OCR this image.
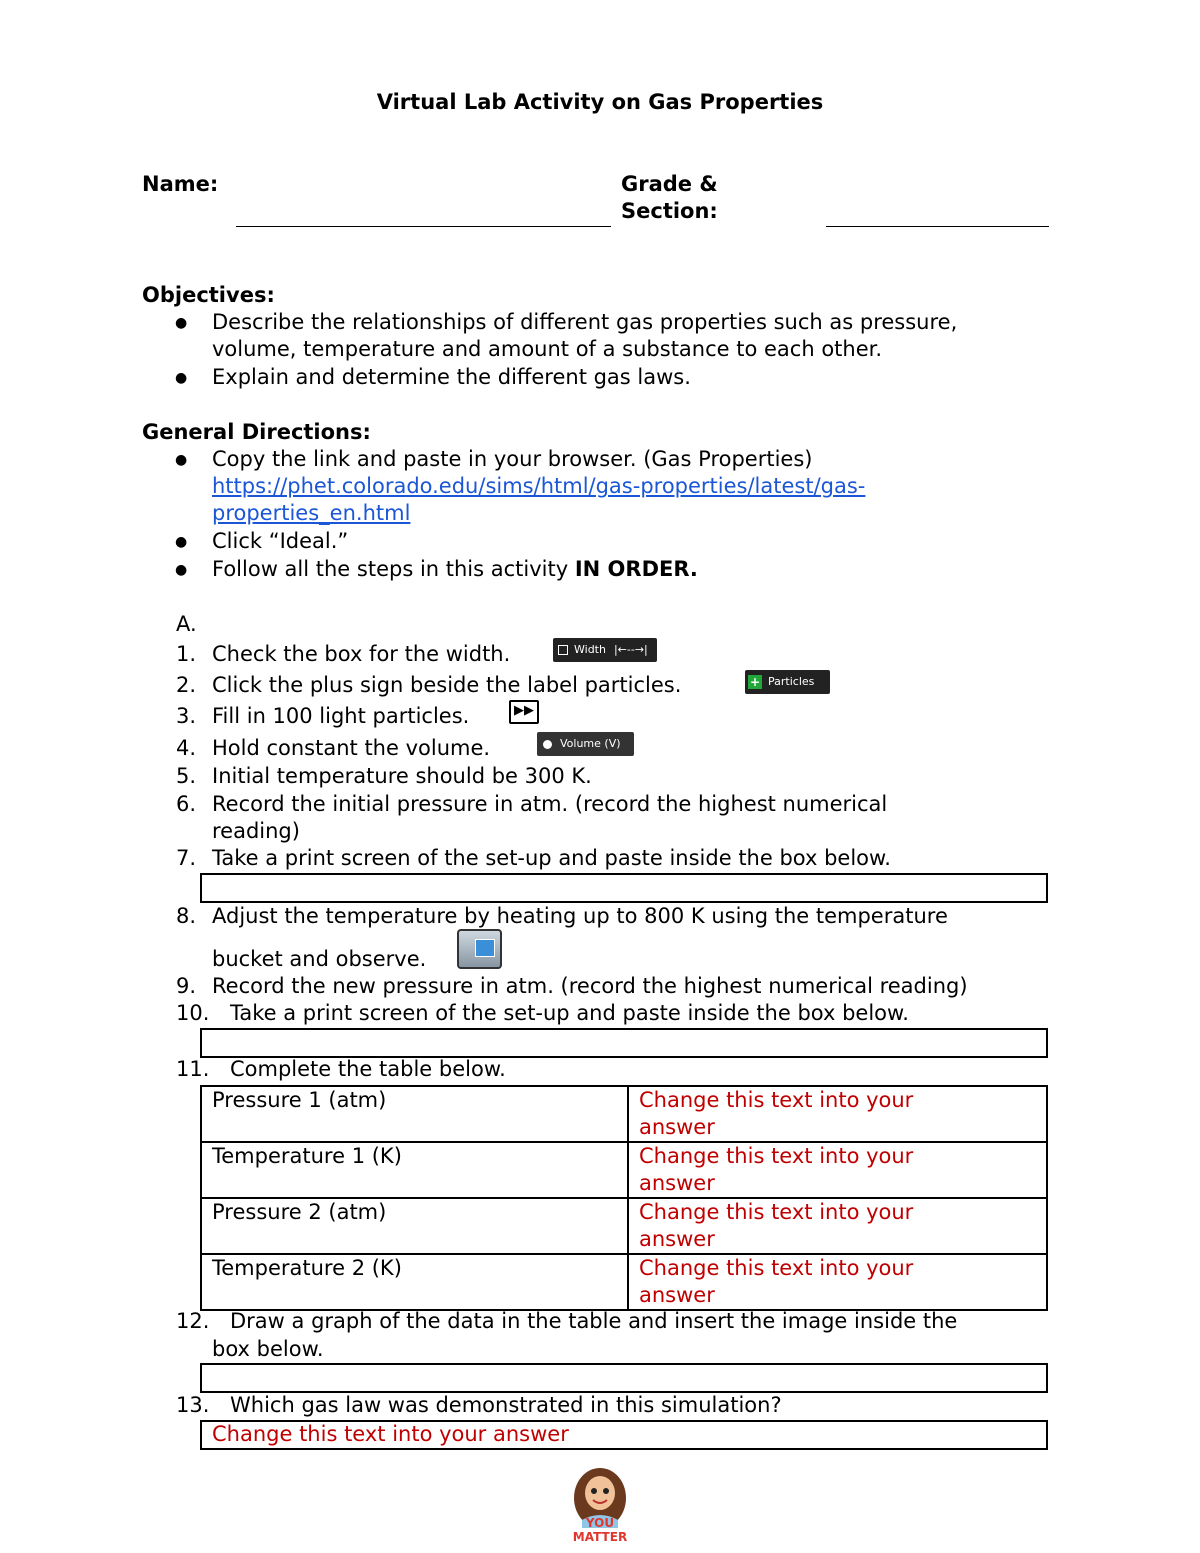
Virtual Lab Activity on Gas Properties
Name:	Grade &
Section:
Objectives:
● Describe the relationships of different gas properties such as pressure,
volume, temperature and amount of a substance to each other.
● Explain and determine the different gas laws.
General Directions:
● Copy the link and paste in your browser. (Gas Properties)
https://phet.colorado.edu/sims/html/gas-properties/latest/gas-
properties_en.html
● Click “Ideal.”
● Follow all the steps in this activity IN ORDER.
A.
1. Check the box for the width.	Width |←--→|
2. Click the plus sign beside the label particles.	+ Particles
3. Fill in 100 light particles.	▶▶
4. Hold constant the volume.	Volume (V)
5. Initial temperature should be 300 K.
6. Record the initial pressure in atm. (record the highest numerical
reading)
7. Take a print screen of the set-up and paste inside the box below.
8. Adjust the temperature by heating up to 800 K using the temperature
bucket and observe.
9. Record the new pressure in atm. (record the highest numerical reading)
10. Take a print screen of the set-up and paste inside the box below.
11. Complete the table below.
Pressure 1 (atm)	Change this text into your
answer

Temperature 1 (K)	Change this text into your
answer

Pressure 2 (atm)	Change this text into your
answer

Temperature 2 (K)	Change this text into your
answer
12. Draw a graph of the data in the table and insert the image inside the
box below.
13. Which gas law was demonstrated in this simulation?
Change this text into your answer
YOU MATTER
